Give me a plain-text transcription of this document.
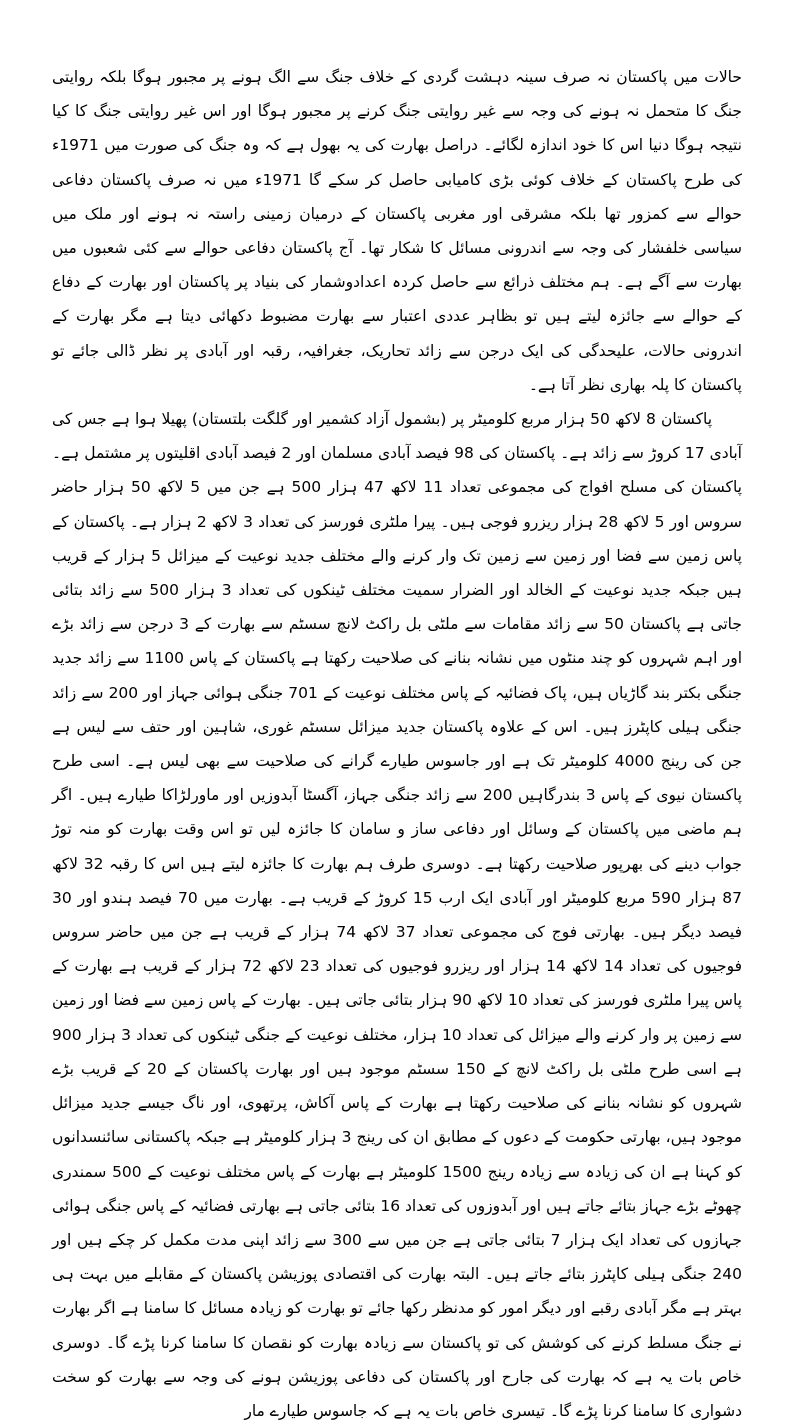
حالات میں پاکستان نہ صرف سینہ دہشت گردی کے خلاف جنگ سے الگ ہونے پر مجبور ہوگا بلکہ روایتی جنگ کا متحمل نہ ہونے کی وجہ سے غیر روایتی جنگ کرنے پر مجبور ہوگا اور اس غیر روایتی جنگ کا کیا نتیجہ ہوگا دنیا اس کا خود اندازہ لگائے۔ دراصل بھارت کی یہ بھول ہے کہ وہ جنگ کی صورت میں 1971ء کی طرح پاکستان کے خلاف کوئی بڑی کامیابی حاصل کر سکے گا 1971ء میں نہ صرف پاکستان دفاعی حوالے سے کمزور تھا بلکہ مشرقی اور مغربی پاکستان کے درمیان زمینی راستہ نہ ہونے اور ملک میں سیاسی خلفشار کی وجہ سے اندرونی مسائل کا شکار تھا۔ آج پاکستان دفاعی حوالے سے کئی شعبوں میں بھارت سے آگے ہے۔ ہم مختلف ذرائع سے حاصل کردہ اعدادوشمار کی بنیاد پر پاکستان اور بھارت کے دفاع کے حوالے سے جائزہ لیتے ہیں تو بظاہر عددی اعتبار سے بھارت مضبوط دکھائی دیتا ہے مگر بھارت کے اندرونی حالات، علیحدگی کی ایک درجن سے زائد تحاریک، جغرافیہ، رقبہ اور آبادی پر نظر ڈالی جائے تو پاکستان کا پلہ بھاری نظر آتا ہے۔

پاکستان 8 لاکھ 50 ہزار مربع کلومیٹر پر (بشمول آزاد کشمیر اور گلگت بلتستان) پھیلا ہوا ہے جس کی آبادی 17 کروڑ سے زائد ہے۔ پاکستان کی 98 فیصد آبادی مسلمان اور 2 فیصد آبادی اقلیتوں پر مشتمل ہے۔ پاکستان کی مسلح افواج کی مجموعی تعداد 11 لاکھ 47 ہزار 500 ہے جن میں 5 لاکھ 50 ہزار حاضر سروس اور 5 لاکھ 28 ہزار ریزرو فوجی ہیں۔ پیرا ملٹری فورسز کی تعداد 3 لاکھ 2 ہزار ہے۔ پاکستان کے پاس زمین سے فضا اور زمین سے زمین تک وار کرنے والے مختلف جدید نوعیت کے میزائل 5 ہزار کے قریب ہیں جبکہ جدید نوعیت کے الخالد اور الضرار سمیت مختلف ٹینکوں کی تعداد 3 ہزار 500 سے زائد بتائی جاتی ہے پاکستان 50 سے زائد مقامات سے ملٹی بل راکٹ لانچ سسٹم سے بھارت کے 3 درجن سے زائد بڑے اور اہم شہروں کو چند منٹوں میں نشانہ بنانے کی صلاحیت رکھتا ہے پاکستان کے پاس 1100 سے زائد جدید جنگی بکتر بند گاڑیاں ہیں، پاک فضائیہ کے پاس مختلف نوعیت کے 701 جنگی ہوائی جہاز اور 200 سے زائد جنگی ہیلی کاپٹرز ہیں۔ اس کے علاوہ پاکستان جدید میزائل سسٹم غوری، شاہین اور حتف سے لیس ہے جن کی رینج 4000 کلومیٹر تک ہے اور جاسوس طیارے گرانے کی صلاحیت سے بھی لیس ہے۔ اسی طرح پاکستان نیوی کے پاس 3 بندرگاہیں 200 سے زائد جنگی جہاز، آگسٹا آبدوزیں اور ماورلڑاکا طیارے ہیں۔ اگر ہم ماضی میں پاکستان کے وسائل اور دفاعی ساز و سامان کا جائزہ لیں تو اس وقت بھارت کو منہ توڑ جواب دینے کی بھرپور صلاحیت رکھتا ہے۔ دوسری طرف ہم بھارت کا جائزہ لیتے ہیں اس کا رقبہ 32 لاکھ 87 ہزار 590 مربع کلومیٹر اور آبادی ایک ارب 15 کروڑ کے قریب ہے۔ بھارت میں 70 فیصد ہندو اور 30 فیصد دیگر ہیں۔ بھارتی فوج کی مجموعی تعداد 37 لاکھ 74 ہزار کے قریب ہے جن میں حاضر سروس فوجیوں کی تعداد 14 لاکھ 14 ہزار اور ریزرو فوجیوں کی تعداد 23 لاکھ 72 ہزار کے قریب ہے بھارت کے پاس پیرا ملٹری فورسز کی تعداد 10 لاکھ 90 ہزار بتائی جاتی ہیں۔ بھارت کے پاس زمین سے فضا اور زمین سے زمین پر وار کرنے والے میزائل کی تعداد 10 ہزار، مختلف نوعیت کے جنگی ٹینکوں کی تعداد 3 ہزار 900 ہے اسی طرح ملٹی بل راکٹ لانچ کے 150 سسٹم موجود ہیں اور بھارت پاکستان کے 20 کے قریب بڑے شہروں کو نشانہ بنانے کی صلاحیت رکھتا ہے بھارت کے پاس آکاش، پرتھوی، اور ناگ جیسے جدید میزائل موجود ہیں، بھارتی حکومت کے دعوں کے مطابق ان کی رینج 3 ہزار کلومیٹر ہے جبکہ پاکستانی سائنسدانوں کو کہنا ہے ان کی زیادہ سے زیادہ رینج 1500 کلومیٹر ہے بھارت کے پاس مختلف نوعیت کے 500 سمندری چھوٹے بڑے جہاز بتائے جاتے ہیں اور آبدوزوں کی تعداد 16 بتائی جاتی ہے بھارتی فضائیہ کے پاس جنگی ہوائی جہازوں کی تعداد ایک ہزار 7 بتائی جاتی ہے جن میں سے 300 سے زائد اپنی مدت مکمل کر چکے ہیں اور 240 جنگی ہیلی کاپٹرز بتائے جاتے ہیں۔ البتہ بھارت کی اقتصادی پوزیشن پاکستان کے مقابلے میں بہت ہی بہتر ہے مگر آبادی رقبے اور دیگر امور کو مدنظر رکھا جائے تو بھارت کو زیادہ مسائل کا سامنا ہے اگر بھارت نے جنگ مسلط کرنے کی کوشش کی تو پاکستان سے زیادہ بھارت کو نقصان کا سامنا کرنا پڑے گا۔ دوسری خاص بات یہ ہے کہ بھارت کی جارح اور پاکستان کی دفاعی پوزیشن ہونے کی وجہ سے بھارت کو سخت دشواری کا سامنا کرنا پڑے گا۔ تیسری خاص بات یہ ہے کہ جاسوس طیارے مار
